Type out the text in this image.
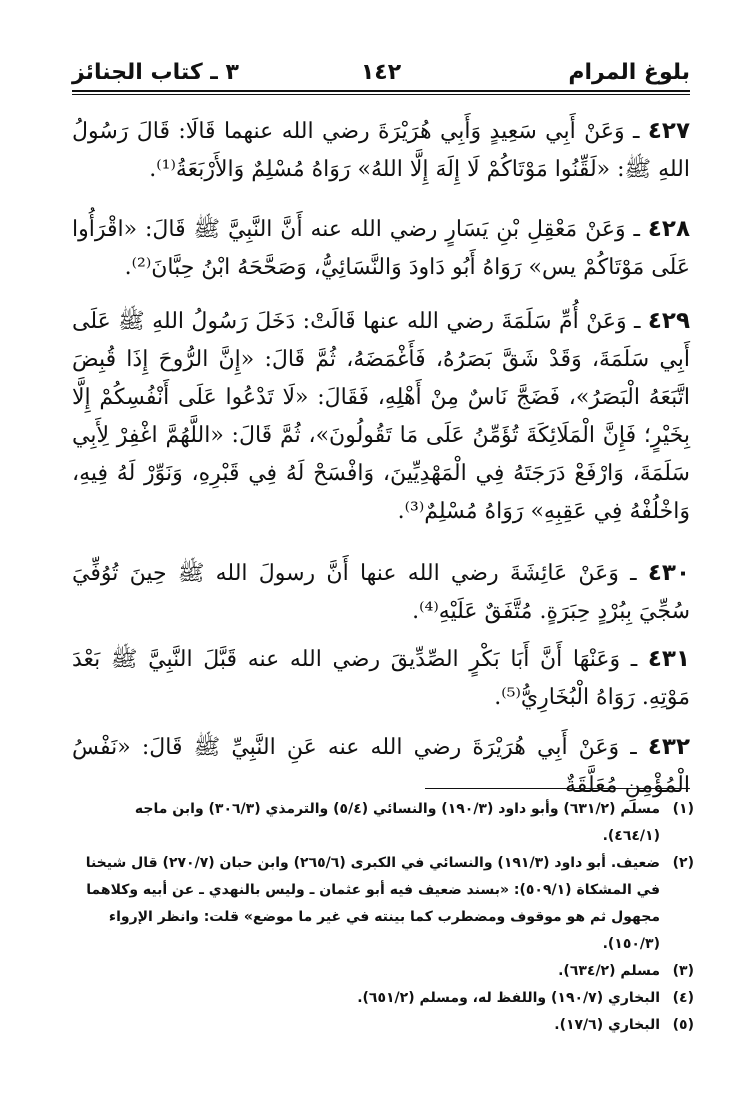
بلوغ المرام
١٤٢
٣ ـ كتاب الجنائز

٤٢٧ ـ وَعَنْ أَبِي سَعِيدٍ وَأَبِي هُرَيْرَةَ رضي الله عنهما قَالَا: قَالَ رَسُولُ اللهِ ﷺ: «لَقِّنُوا مَوْتَاكُمْ لَا إِلَهَ إِلَّا اللهُ» رَوَاهُ مُسْلِمٌ وَالأَرْبَعَةُ⁽¹⁾.

٤٢٨ ـ وَعَنْ مَعْقِلِ بْنِ يَسَارٍ رضي الله عنه أَنَّ النَّبِيَّ ﷺ قَالَ: «اقْرَأُوا عَلَى مَوْتَاكُمْ يس» رَوَاهُ أَبُو دَاودَ وَالنَّسَائِيُّ، وَصَحَّحَهُ ابْنُ حِبَّانَ⁽²⁾.

٤٢٩ ـ وَعَنْ أُمِّ سَلَمَةَ رضي الله عنها قَالَتْ: دَخَلَ رَسُولُ اللهِ ﷺ عَلَى أَبِي سَلَمَةَ، وَقَدْ شَقَّ بَصَرُهُ، فَأَغْمَضَهُ، ثُمَّ قَالَ: «إِنَّ الرُّوحَ إِذَا قُبِضَ اتَّبَعَهُ الْبَصَرُ»، فَضَجَّ نَاسٌ مِنْ أَهْلِهِ، فَقَالَ: «لَا تَدْعُوا عَلَى أَنْفُسِكُمْ إِلَّا بِخَيْرٍ؛ فَإِنَّ الْمَلَائِكَةَ تُؤَمِّنُ عَلَى مَا تَقُولُونَ»، ثُمَّ قَالَ: «اللَّهُمَّ اغْفِرْ لِأَبِي سَلَمَةَ، وَارْفَعْ دَرَجَتَهُ فِي الْمَهْدِيِّينَ، وَافْسَحْ لَهُ فِي قَبْرِهِ، وَنَوِّرْ لَهُ فِيهِ، وَاخْلُفْهُ فِي عَقِبِهِ» رَوَاهُ مُسْلِمٌ⁽³⁾.

٤٣٠ ـ وَعَنْ عَائِشَةَ رضي الله عنها أَنَّ رسولَ الله ﷺ حِينَ تُوُفِّيَ سُجِّيَ بِبُرْدٍ حِبَرَةٍ. مُتَّفَقٌ عَلَيْهِ⁽⁴⁾.

٤٣١ ـ وَعَنْهَا أَنَّ أَبَا بَكْرٍ الصِّدِّيقَ رضي الله عنه قَبَّلَ النَّبِيَّ ﷺ بَعْدَ مَوْتِهِ. رَوَاهُ الْبُخَارِيُّ⁽⁵⁾.

٤٣٢ ـ وَعَنْ أَبِي هُرَيْرَةَ رضي الله عنه عَنِ النَّبِيِّ ﷺ قَالَ: «نَفْسُ الْمُؤْمِنِ مُعَلَّقَةٌ

(١)
مسلم (٦٣١/٢) وأبو داود (١٩٠/٣) والنسائي (٥/٤) والترمذي (٣٠٦/٣) وابن ماجه (٤٦٤/١).
(٢)
ضعيف. أبو داود (١٩١/٣) والنسائي في الكبرى (٢٦٥/٦) وابن حبان (٢٧٠/٧) قال شيخنا في المشكاة (٥٠٩/١): «بسند ضعيف فيه أبو عثمان ـ وليس بالنهدي ـ عن أبيه وكلاهما مجهول ثم هو موقوف ومضطرب كما بينته في غير ما موضع» قلت: وانظر الإرواء (١٥٠/٣).
(٣)
مسلم (٦٣٤/٢).
(٤)
البخاري (١٩٠/٧) واللفظ له، ومسلم (٦٥١/٢).
(٥)
البخاري (١٧/٦).
